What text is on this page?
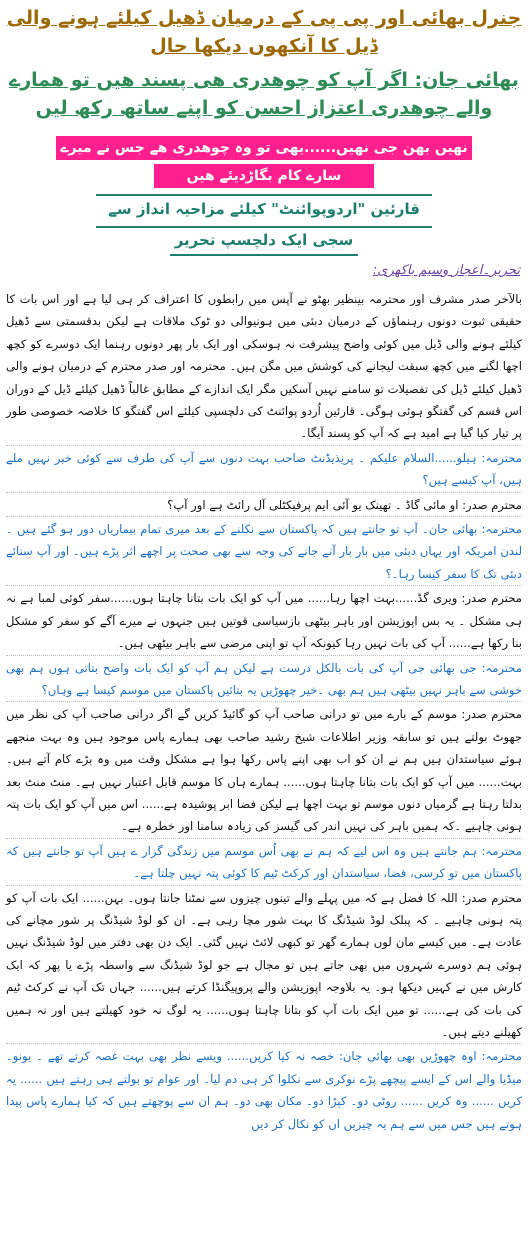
جنرل بھائی اور پی پی کے درمیان ڈھیل کیلئے ہونے والی
ڈیل کا آنکھوں دیکھا حال
بھائی جان: اگر آپ کو چوھدری ھی پسند ھیں تو ھمارے
والے چوھدری اعتزاز احسن کو اپنے ساتھ رکھ لیں
نھیں بھن جی نھیں......یھی تو وہ چوھدری ھے جس نے میرے
سارے کام بگاڑدیئے ھیں
قارئین "اردوپوائنٹ" کیلئے مزاحیہ انداز سے
سجی ایک دلچسپ تحریر
تحریر۔اعجاز وسیم باکھری:

بالآخر صدر مشرف اور محترمہ بینظیر بھٹو نے آپس میں رابطوں کا اعتراف کر ہی لیا ہے اور اس بات کا حقیقی ثبوت دونوں رہنماؤں کے درمیان دبئی میں ہونیوالی دو ٹوک ملاقات ہے لیکن بدقسمتی سے ڈھیل کیلئے ہونے والی ڈیل میں کوئی واضح پیشرفت نہ ہوسکی اور ایک بار پھر دونوں رہنما ایک دوسرے کو کچھ اچھا لگنے میں کچھ سبقت لیجانے کی کوشش میں مگن ہیں۔ محترمہ اور صدر محترم کے درمیان ہونے والی ڈھیل کیلئے ڈیل کی تفصیلات تو سامنے نہیں آسکیں مگر ایک اندازے کے مطابق غالباً ڈھیل کیلئے ڈیل کے دوران اس قسم کی گفتگو ہوئی ہوگی۔ قارئین اُردو پوائنٹ کی دلچسپی کیلئے اس گفتگو کا خلاصہ خصوصی طور پر تیار کیا گیا ہے امید ہے کہ آپ کو پسند آیگا۔

محترمہ: ہیلو......السلام علیکم ۔ پریذیڈنٹ صاحب بہت دنوں سے آپ کی طرف سے کوئی خبر نہیں ملے ہیں، آپ کیسے ہیں؟

محترم صدر: او مائی گاڈ ۔ تھینک یو آئی ایم پرفیکٹلی آل رائٹ ہے اور آپ؟

محترمہ: بھائی جان۔ آپ تو جانتے ہیں کہ پاکستان سے نکلنے کے بعد میری تمام بیماریاں دور ہو گئے ہیں ۔لندن امریکہ اور یہاں دبئی میں بار بار آنے جانے کی وجہ سے بھی صحت پر اچھے اثر پڑے ہیں۔ اور آپ سنائے دبئی تک کا سفر کیسا رہا۔؟

محترم صدر: ویری گڈ......بہت اچھا رہا...... میں آپ کو ایک بات بتانا چاہتا ہوں......سفر کوئی لمبا ہے نہ ہی مشکل ۔ یہ بس اپوزیشن اور باہر بیٹھی بازسیاسی قوتیں ہیں جنہوں نے میرے آگے کو سفر کو مشکل بنا رکھا ہے...... آپ کی بات نہیں رہا کیونکہ آپ تو اپنی مرضی سے باہر بیٹھی ہیں۔

محترمہ: جی بھائی جی آپ کی بات بالکل درست ہے لیکن ہم آپ کو ایک بات واضح بتاتی ہوں ہم بھی خوشی سے باہر نہیں بیٹھی ہیں ہم بھی ۔خیر چھوڑیں یہ بتائیں پاکستان میں موسم کیسا ہے وہاں؟

محترم صدر: موسم کے بارے میں تو درانی صاحب آپ کو گائیڈ کریں گے اگر درانی صاحب آپ کی نظر میں جھوٹ بولتے ہیں تو سابقہ وزیر اطلاعات شیخ رشید صاحب بھی ہمارے پاس موجود ہیں وہ بہت منجھے ہوئے سیاستدان ہیں ہم نے ان کو اب بھی اپنے پاس رکھا ہوا ہے مشکل وقت میں وہ بڑے کام آتے ہیں۔ بہت...... میں آپ کو ایک بات بتانا چاہتا ہوں...... ہمارے ہاں کا موسم قابل اعتبار نہیں ہے۔ منٹ منٹ بعد بدلتا رہتا ہے گرمیاں دنوں موسم تو بہت اچھا ہے لیکن فضا ابر پوشیدہ ہے...... اس میں آپ کو ایک بات پتہ ہونی چاہیے ۔کہ ہمیں باہر کی نہیں اندر کی گیسز کی زیادہ سامنا اور خطرہ ہے۔

محترمہ: ہم جانتے ہیں وہ اس لیے کہ ہم نے بھی اُس موسم میں زندگی گزار ے ہیں آپ تو جانتے ہیں کہ پاکستان میں تو کرسی، فضا، سیاستدان اور کرکٹ ٹیم کا کوئی پتہ نہیں چلتا ہے۔

محترم صدر: اللہ کا فضل ہے کہ میں پہلے والے تینوں چیزوں سے نمٹنا جانتا ہوں۔ بہن...... ایک بات آپ کو پتہ ہونی چاہیے ۔ کہ پبلک لوڈ شیڈنگ کا بہت شور مچا رہی ہے۔ ان کو لوڈ شیڈنگ پر شور مچانے کی عادت ہے۔ میں کیسے مان لوں ہمارے گھر تو کبھی لائٹ نہیں گئی۔ ایک دن بھی دفتر میں لوڈ شیڈنگ نہیں ہوئی ہم دوسرے شہروں میں بھی جاتے ہیں تو مجال ہے جو لوڈ شیڈنگ سے واسطہ پڑے یا پھر کہ ایک کارش میں نے کہیں دیکھا ہو۔ یہ بلاوجہ اپوزیشن والے پروپیگنڈا کرتے ہیں...... جہاں تک آپ نے کرکٹ ٹیم کی بات کی ہے...... تو میں ایک بات آپ کو بتانا چاہتا ہوں...... یہ لوگ نہ خود کھیلتے ہیں اور نہ ہمیں کھیلنے دیتے ہیں۔

محترمہ: اوہ چھوڑیں بھی بھائی جان: خصہ نہ کیا کریں...... ویسے نظر بھی بہت غصہ کرتے تھے ۔ یونو۔ میڈیا والے اس کے ایسے پیچھے پڑے نوکری سے نکلوا کر ہی دم لیا۔ اور عوام تو بولتے ہی رہتے ہیں ...... یہ کریں ...... وہ کریں ...... روٹی دو۔ کپڑا دو۔ مکان بھی دو۔ ہم ان سے پوچھتے ہیں کہ کیا ہمارے پاس پیدا ہوتے ہیں جس میں سے ہم یہ چیزیں ان کو نکال کر دیں
